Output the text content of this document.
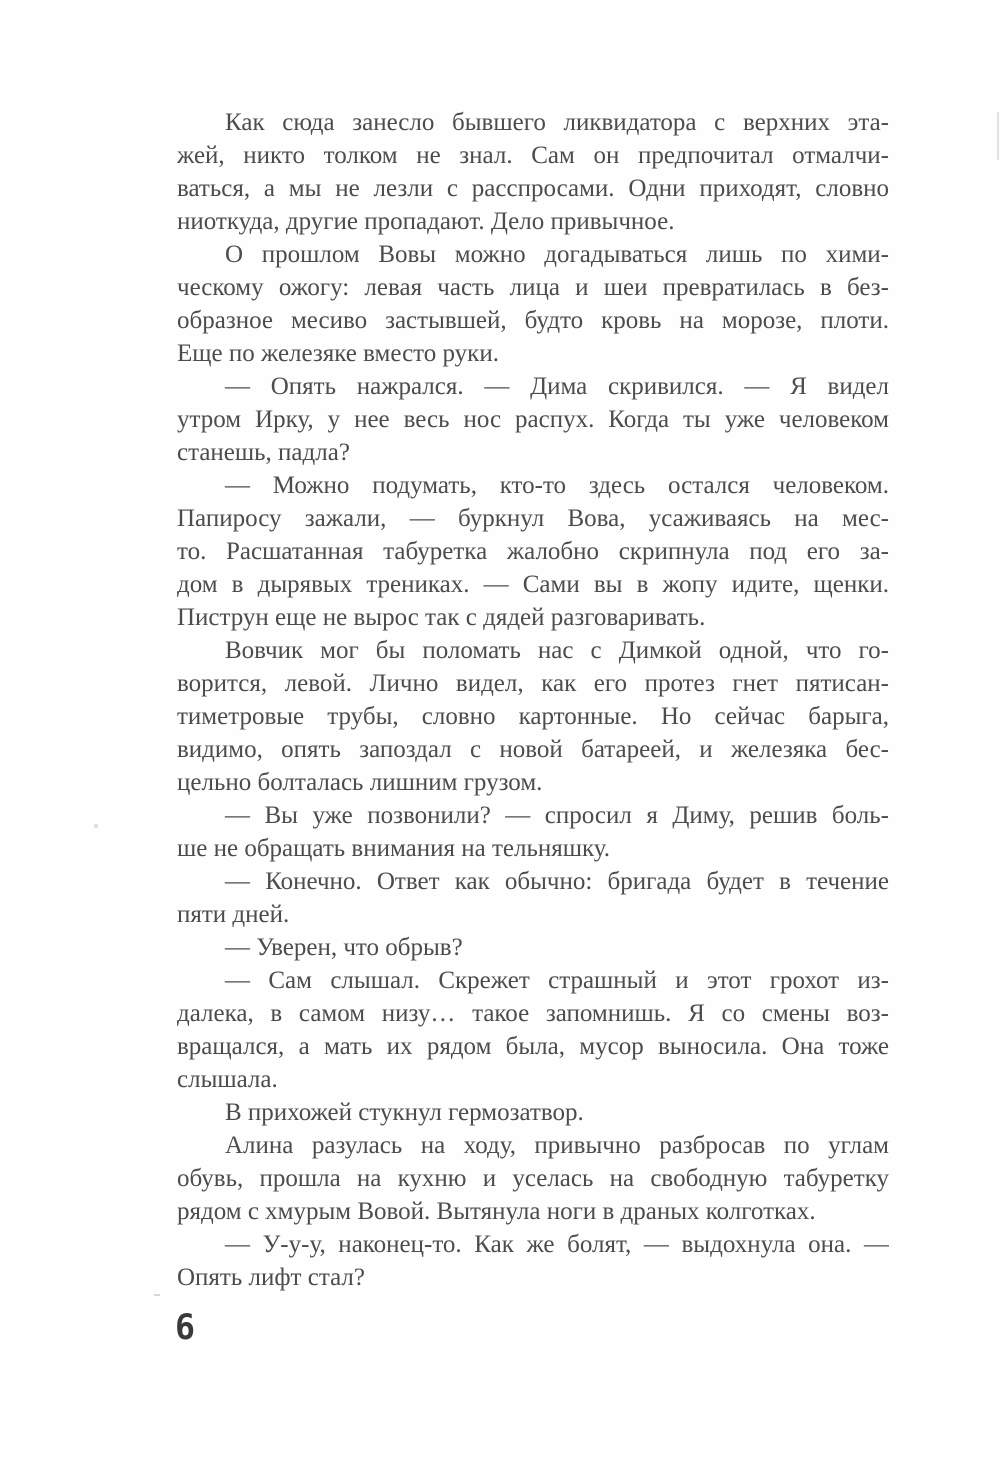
Как сюда занесло бывшего ликвидатора с верхних эта-
жей, никто толком не знал. Сам он предпочитал отмалчи-
ваться, а мы не лезли с расспросами. Одни приходят, словно
ниоткуда, другие пропадают. Дело привычное.
О прошлом Вовы можно догадываться лишь по хими-
ческому ожогу: левая часть лица и шеи превратилась в без-
образное месиво застывшей, будто кровь на морозе, плоти.
Еще по железяке вместо руки.
— Опять нажрался. — Дима скривился. — Я видел
утром Ирку, у нее весь нос распух. Когда ты уже человеком
станешь, падла?
— Можно подумать, кто-то здесь остался человеком.
Папиросу зажали, — буркнул Вова, усаживаясь на мес-
то. Расшатанная табуретка жалобно скрипнула под его за-
дом в дырявых трениках. — Сами вы в жопу идите, щенки.
Пиструн еще не вырос так с дядей разговаривать.
Вовчик мог бы поломать нас с Димкой одной, что го-
ворится, левой. Лично видел, как его протез гнет пятисан-
тиметровые трубы, словно картонные. Но сейчас барыга,
видимо, опять запоздал с новой батареей, и железяка бес-
цельно болталась лишним грузом.
— Вы уже позвонили? — спросил я Диму, решив боль-
ше не обращать внимания на тельняшку.
— Конечно. Ответ как обычно: бригада будет в течение
пяти дней.
— Уверен, что обрыв?
— Сам слышал. Скрежет страшный и этот грохот из-
далека, в самом низу… такое запомнишь. Я со смены воз-
вращался, а мать их рядом была, мусор выносила. Она тоже
слышала.
В прихожей стукнул гермозатвор.
Алина разулась на ходу, привычно разбросав по углам
обувь, прошла на кухню и уселась на свободную табуретку
рядом с хмурым Вовой. Вытянула ноги в драных колготках.
— У-у-у, наконец-то. Как же болят, — выдохнула она. —
Опять лифт стал?
6
